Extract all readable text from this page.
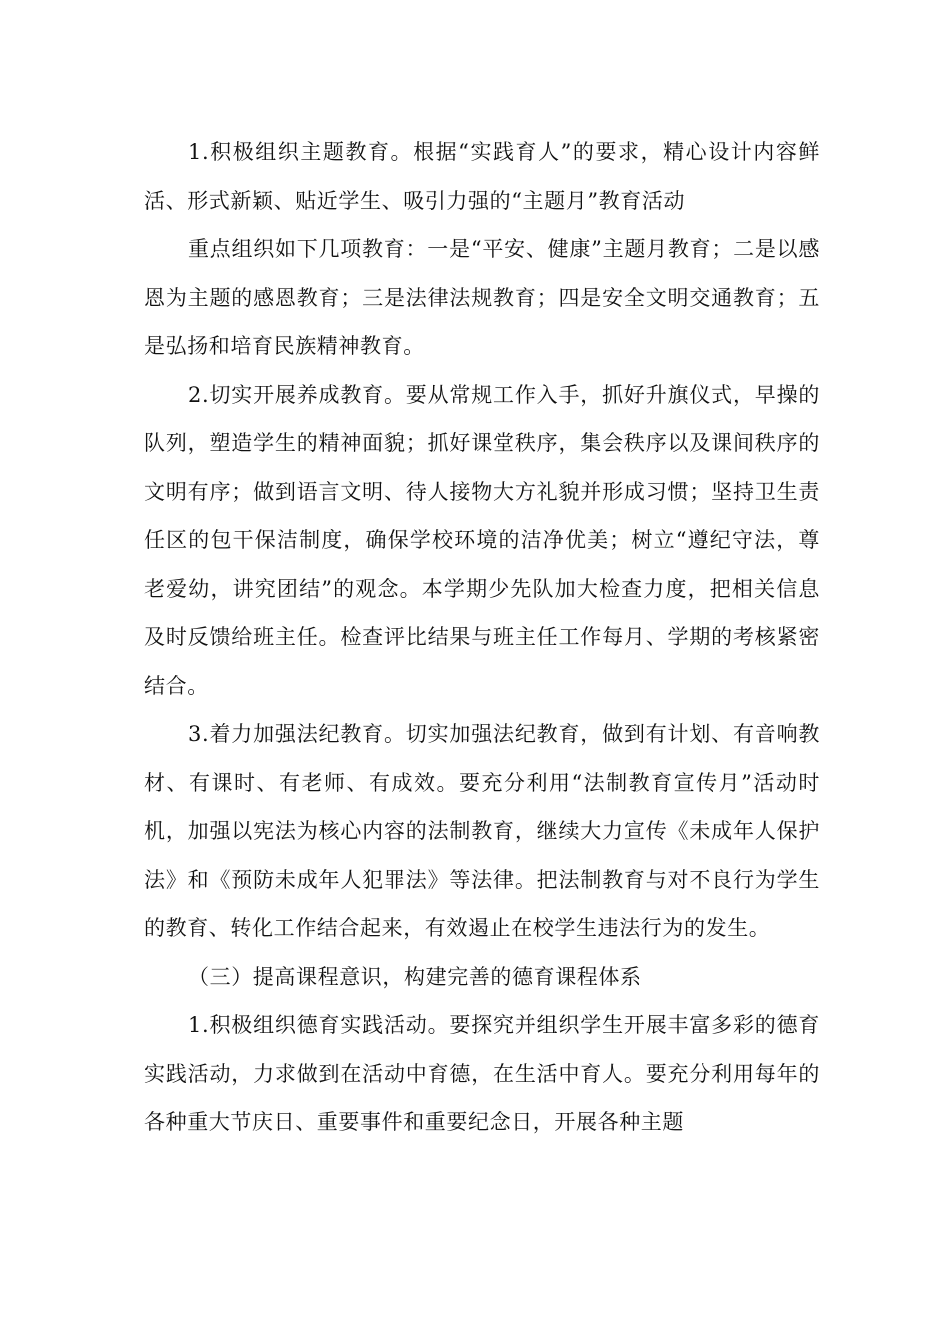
1.积极组织主题教育。根据“实践育人”的要求，精心设计内容鲜活、形式新颖、贴近学生、吸引力强的“主题月”教育活动

重点组织如下几项教育：一是“平安、健康”主题月教育；二是以感恩为主题的感恩教育；三是法律法规教育；四是安全文明交通教育；五是弘扬和培育民族精神教育。

2.切实开展养成教育。要从常规工作入手，抓好升旗仪式，早操的队列，塑造学生的精神面貌；抓好课堂秩序，集会秩序以及课间秩序的文明有序；做到语言文明、待人接物大方礼貌并形成习惯；坚持卫生责任区的包干保洁制度，确保学校环境的洁净优美；树立“遵纪守法，尊老爱幼，讲究团结”的观念。本学期少先队加大检查力度，把相关信息及时反馈给班主任。检查评比结果与班主任工作每月、学期的考核紧密结合。

3.着力加强法纪教育。切实加强法纪教育，做到有计划、有音响教材、有课时、有老师、有成效。要充分利用“法制教育宣传月”活动时机，加强以宪法为核心内容的法制教育，继续大力宣传《未成年人保护法》和《预防未成年人犯罪法》等法律。把法制教育与对不良行为学生的教育、转化工作结合起来，有效遏止在校学生违法行为的发生。

（三）提高课程意识，构建完善的德育课程体系

1.积极组织德育实践活动。要探究并组织学生开展丰富多彩的德育实践活动，力求做到在活动中育德，在生活中育人。要充分利用每年的各种重大节庆日、重要事件和重要纪念日，开展各种主题
